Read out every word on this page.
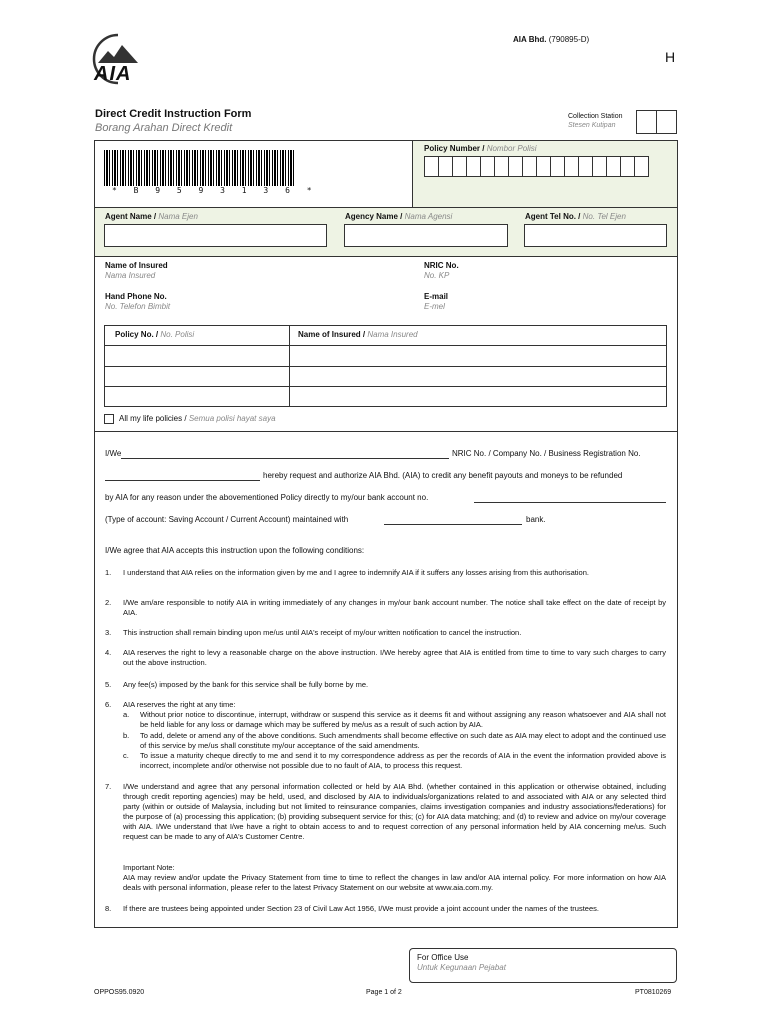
AIA
AIA Bhd. (790895-D)
H
Direct Credit Instruction Form
Borang Arahan Direct Kredit
Collection Station
Stesen Kutipan
* B 9 5 9 3 1 3 6 *
Policy Number / Nombor Polisi
Agent Name / Nama Ejen	Agency Name / Nama Agensi	Agent Tel No. / No. Tel Ejen
Name of Insured
Nama Insured
NRIC No.
No. KP
Hand Phone No.
No. Telefon Bimbit
E-mail
E-mel
Policy No. / No. Polisi	Name of Insured / Nama Insured
All my life policies / Semua polisi hayat saya
I/We	NRIC No. / Company No. / Business Registration No.
hereby request and authorize AIA Bhd. (AIA) to credit any benefit payouts and moneys to be refunded
by AIA for any reason under the abovementioned Policy directly to my/our bank account no.
(Type of account: Saving Account / Current Account) maintained with	bank.
I/We agree that AIA accepts this instruction upon the following conditions:
1. I understand that AIA relies on the information given by me and I agree to indemnify AIA if it suffers any losses arising from this authorisation.
2. I/We am/are responsible to notify AIA in writing immediately of any changes in my/our bank account number. The notice shall take effect on the date of receipt by AIA.
3. This instruction shall remain binding upon me/us until AIA's receipt of my/our written notification to cancel the instruction.
4. AIA reserves the right to levy a reasonable charge on the above instruction. I/We hereby agree that AIA is entitled from time to time to vary such charges to carry out the above instruction.
5. Any fee(s) imposed by the bank for this service shall be fully borne by me.
6. AIA reserves the right at any time:
a. Without prior notice to discontinue, interrupt, withdraw or suspend this service as it deems fit and without assigning any reason whatsoever and AIA shall not be held liable for any loss or damage which may be suffered by me/us as a result of such action by AIA.
b. To add, delete or amend any of the above conditions. Such amendments shall become effective on such date as AIA may elect to adopt and the continued use of this service by me/us shall constitute my/our acceptance of the said amendments.
c. To issue a maturity cheque directly to me and send it to my correspondence address as per the records of AIA in the event the information provided above is incorrect, incomplete and/or otherwise not possible due to no fault of AIA, to process this request.
7. I/We understand and agree that any personal information collected or held by AIA Bhd. (whether contained in this application or otherwise obtained, including through credit reporting agencies) may be held, used, and disclosed by AIA to individuals/organizations related to and associated with AIA or any selected third party (within or outside of Malaysia, including but not limited to reinsurance companies, claims investigation companies and industry associations/federations) for the purpose of (a) processing this application; (b) providing subsequent service for this; (c) for AIA data matching; and (d) to review and advice on my/our coverage with AIA. I/We understand that I/we have a right to obtain access to and to request correction of any personal information held by AIA concerning me/us. Such request can be made to any of AIA's Customer Centre.
Important Note:
AIA may review and/or update the Privacy Statement from time to time to reflect the changes in law and/or AIA internal policy. For more information on how AIA deals with personal information, please refer to the latest Privacy Statement on our website at www.aia.com.my.
8. If there are trustees being appointed under Section 23 of Civil Law Act 1956, I/We must provide a joint account under the names of the trustees.
For Office Use
Untuk Kegunaan Pejabat
OPPOS95.0920	Page 1 of 2	PT0810269
